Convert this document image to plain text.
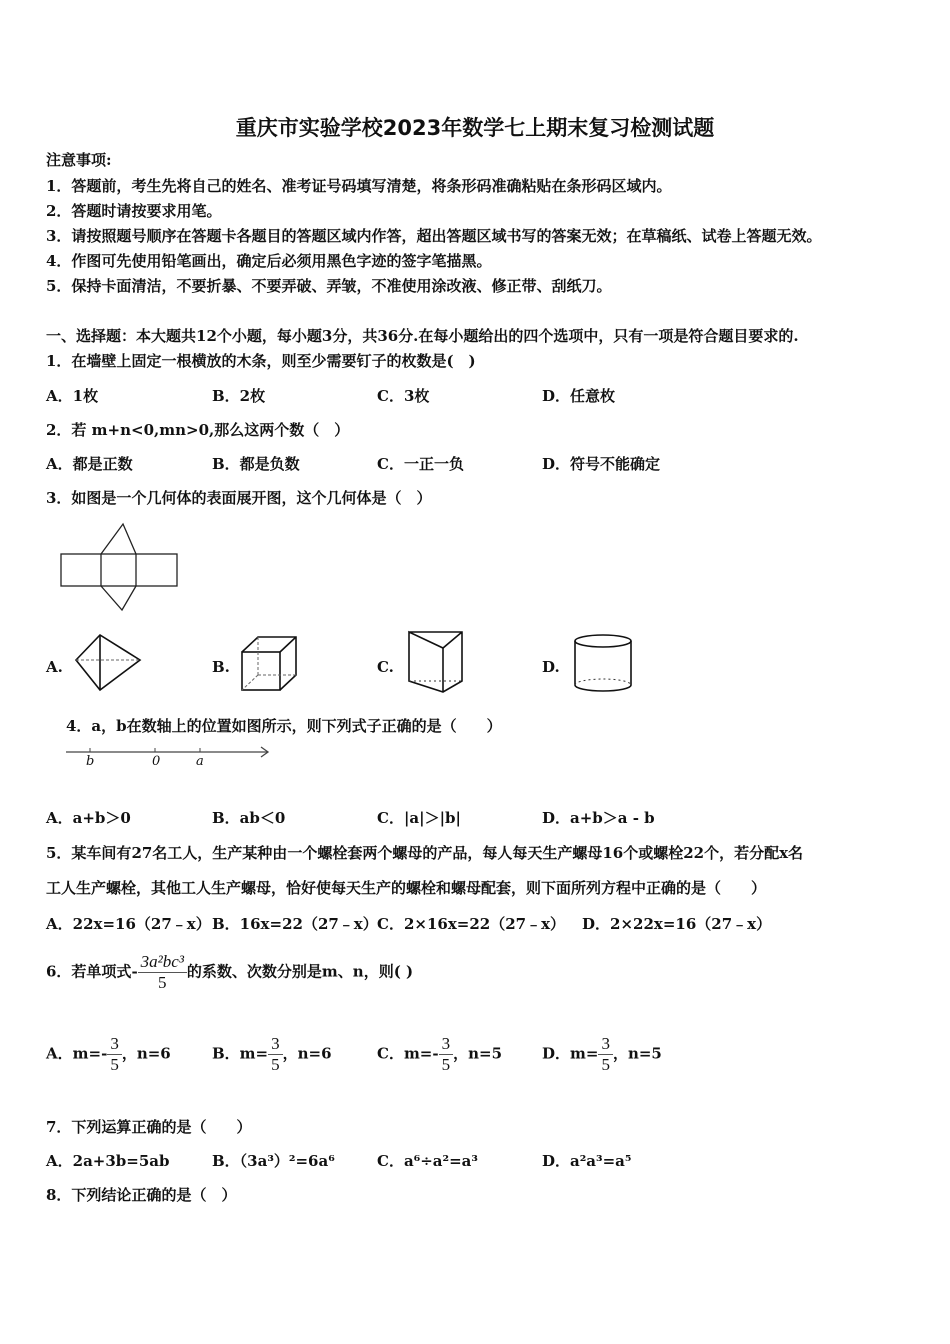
重庆市实验学校2023年数学七上期末复习检测试题
注意事项:
1．答题前，考生先将自己的姓名、准考证号码填写清楚，将条形码准确粘贴在条形码区域内。
2．答题时请按要求用笔。
3．请按照题号顺序在答题卡各题目的答题区域内作答，超出答题区域书写的答案无效；在草稿纸、试卷上答题无效。
4．作图可先使用铅笔画出，确定后必须用黑色字迹的签字笔描黑。
5．保持卡面清洁，不要折暴、不要弄破、弄皱，不准使用涂改液、修正带、刮纸刀。
一、选择题：本大题共12个小题，每小题3分，共36分.在每小题给出的四个选项中，只有一项是符合题目要求的.
1．在墙壁上固定一根横放的木条，则至少需要钉子的枚数是(　)
A．1枚	B．2枚	C．3枚	D．任意枚
2．若 m+n<0,mn>0,那么这两个数（　）
A．都是正数	B．都是负数	C．一正一负	D．符号不能确定
3．如图是一个几何体的表面展开图，这个几何体是（　）
A.	B.	C.	D.
4．a，b在数轴上的位置如图所示，则下列式子正确的是（　　）
b	0	a
A．a+b＞0	B．ab＜0	C．|a|＞|b|	D．a+b＞a - b
5．某车间有27名工人，生产某种由一个螺栓套两个螺母的产品，每人每天生产螺母16个或螺栓22个，若分配x名
工人生产螺栓，其他工人生产螺母，恰好使每天生产的螺栓和螺母配套，则下面所列方程中正确的是（　　）
A．22x=16（27﹣x） B．16x=22（27﹣x） C．2×16x=22（27﹣x） D．2×22x=16（27﹣x）
6．若单项式- $\frac{\text{3a²bc³}}{5}$ 的系数、次数分别是m、n，则( )
A．$m=- \frac{3}{5}$ ，n=6	B．$m= \frac{3}{5}$ ，n=6	C．$m=- \frac{3}{5}$ ，n=5	D．$m= \frac{3}{5}$ ，n=5
7．下列运算正确的是（　　）
A．2a+3b=5ab	B．（3a³）²=6a⁶	C．a⁶÷a²=a³	D．a²a³=a⁵
8．下列结论正确的是（　）
